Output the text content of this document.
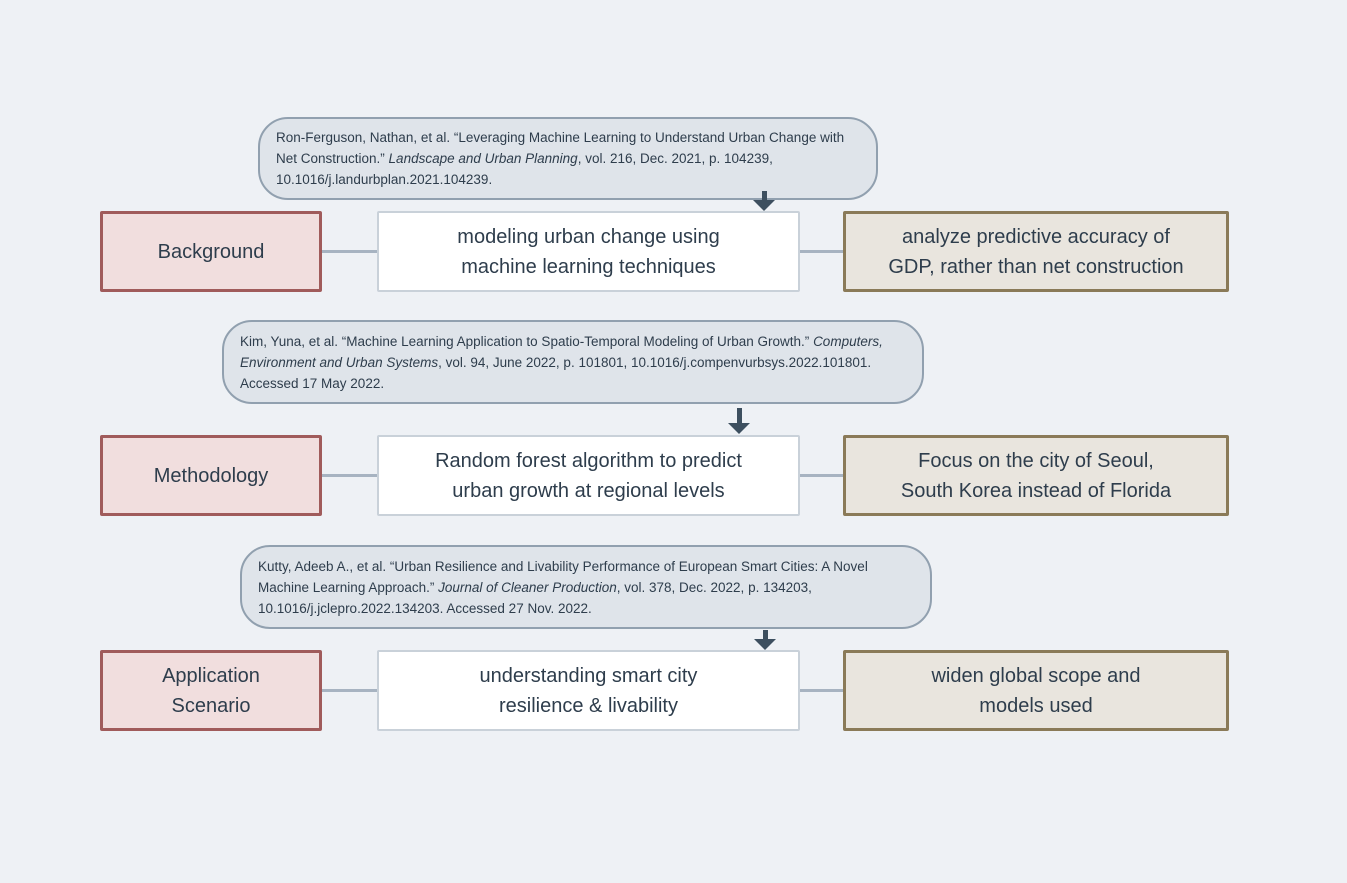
Ron-Ferguson, Nathan, et al. “Leveraging Machine Learning to Understand Urban Change with Net Construction.” Landscape and Urban Planning, vol. 216, Dec. 2021, p. 104239, 10.1016/j.landurbplan.2021.104239.
Background
modeling urban change using
machine learning techniques
analyze predictive accuracy of
GDP, rather than net construction
Kim, Yuna, et al. “Machine Learning Application to Spatio-Temporal Modeling of Urban Growth.” Computers, Environment and Urban Systems, vol. 94, June 2022, p. 101801, 10.1016/j.compenvurbsys.2022.101801. Accessed 17 May 2022.
Methodology
Random forest algorithm to predict
urban growth at regional levels
Focus on the city of Seoul,
South Korea instead of Florida
Kutty, Adeeb A., et al. “Urban Resilience and Livability Performance of European Smart Cities: A Novel Machine Learning Approach.” Journal of Cleaner Production, vol. 378, Dec. 2022, p. 134203, 10.1016/j.jclepro.2022.134203. Accessed 27 Nov. 2022.
Application
Scenario
understanding smart city
resilience & livability
widen global scope and
models used
